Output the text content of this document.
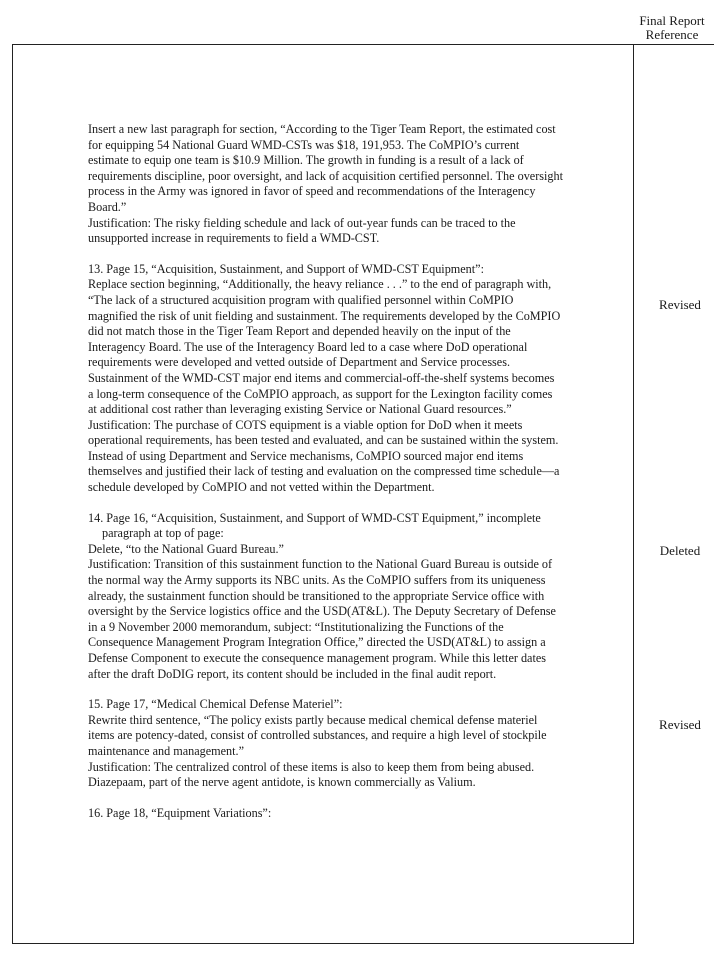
Final Report
Reference

Insert a new last paragraph for section, “According to the Tiger Team Report, the estimated cost

for equipping 54 National Guard WMD-CSTs was $18, 191,953. The CoMPIO’s current

estimate to equip one team is $10.9 Million. The growth in funding is a result of a lack of

requirements discipline, poor oversight, and lack of acquisition certified personnel. The oversight

process in the Army was ignored in favor of speed and recommendations of the Interagency

Board.”

Justification: The risky fielding schedule and lack of out-year funds can be traced to the

unsupported increase in requirements to field a WMD-CST.

13. Page 15, “Acquisition, Sustainment, and Support of WMD-CST Equipment”:

Replace section beginning, “Additionally, the heavy reliance . . .” to the end of paragraph with,

“The lack of a structured acquisition program with qualified personnel within CoMPIO

magnified the risk of unit fielding and sustainment. The requirements developed by the CoMPIO

did not match those in the Tiger Team Report and depended heavily on the input of the

Interagency Board. The use of the Interagency Board led to a case where DoD operational

requirements were developed and vetted outside of Department and Service processes.

Sustainment of the WMD-CST major end items and commercial-off-the-shelf systems becomes

a long-term consequence of the CoMPIO approach, as support for the Lexington facility comes

at additional cost rather than leveraging existing Service or National Guard resources.”

Justification: The purchase of COTS equipment is a viable option for DoD when it meets

operational requirements, has been tested and evaluated, and can be sustained within the system.

Instead of using Department and Service mechanisms, CoMPIO sourced major end items

themselves and justified their lack of testing and evaluation on the compressed time schedule—a

schedule developed by CoMPIO and not vetted within the Department.

14. Page 16, “Acquisition, Sustainment, and Support of WMD-CST Equipment,” incomplete

paragraph at top of page:

Delete, “to the National Guard Bureau.”

Justification: Transition of this sustainment function to the National Guard Bureau is outside of

the normal way the Army supports its NBC units. As the CoMPIO suffers from its uniqueness

already, the sustainment function should be transitioned to the appropriate Service office with

oversight by the Service logistics office and the USD(AT&L). The Deputy Secretary of Defense

in a 9 November 2000 memorandum, subject: “Institutionalizing the Functions of the

Consequence Management Program Integration Office,” directed the USD(AT&L) to assign a

Defense Component to execute the consequence management program. While this letter dates

after the draft DoDIG report, its content should be included in the final audit report.

15. Page 17, “Medical Chemical Defense Materiel”:

Rewrite third sentence, “The policy exists partly because medical chemical defense materiel

items are potency-dated, consist of controlled substances, and require a high level of stockpile

maintenance and management.”

Justification: The centralized control of these items is also to keep them from being abused.

Diazepaam, part of the nerve agent antidote, is known commercially as Valium.

16. Page 18, “Equipment Variations”:

Revised
Deleted
Revised
